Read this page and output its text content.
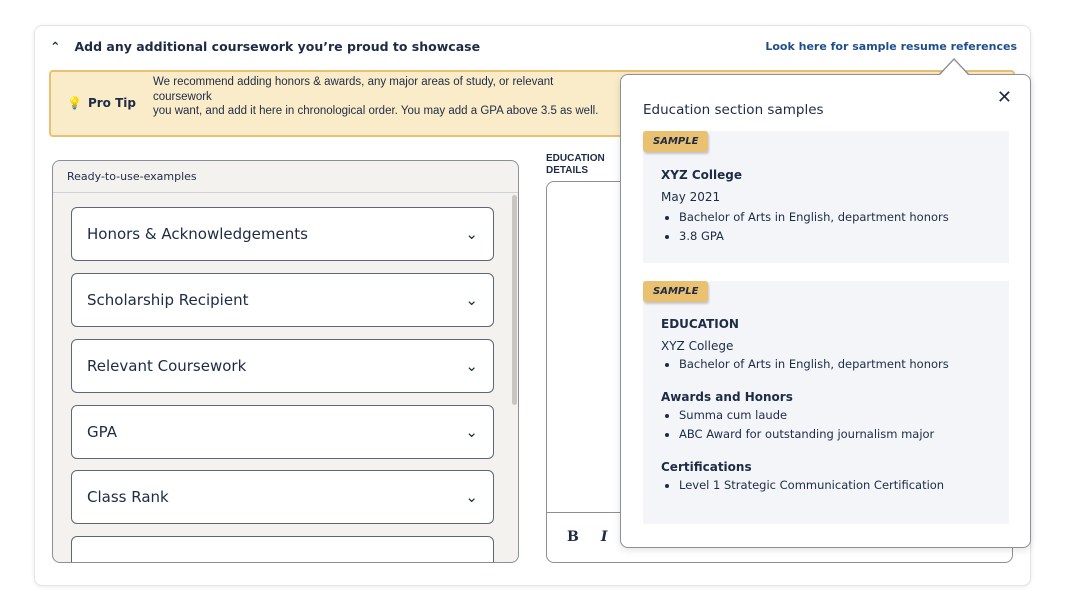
⌃ Add any additional coursework you’re proud to showcase	Look here for sample resume references
💡 Pro Tip
We recommend adding honors & awards, any major areas of study, or relevant coursework
you want, and add it here in chronological order. You may add a GPA above 3.5 as well.
Ready-to-use-examples
Honors & Acknowledgements	⌄
Scholarship Recipient	⌄
Relevant Coursework	⌄
GPA	⌄
Class Rank	⌄
EDUCATION DETAILS
B I
Education section samples
✕
SAMPLE
XYZ College

May 2021

• Bachelor of Arts in English, department honors
• 3.8 GPA
SAMPLE
EDUCATION

XYZ College

• Bachelor of Arts in English, department honors
Awards and Honors
• Summa cum laude
• ABC Award for outstanding journalism major
Certifications
• Level 1 Strategic Communication Certification
